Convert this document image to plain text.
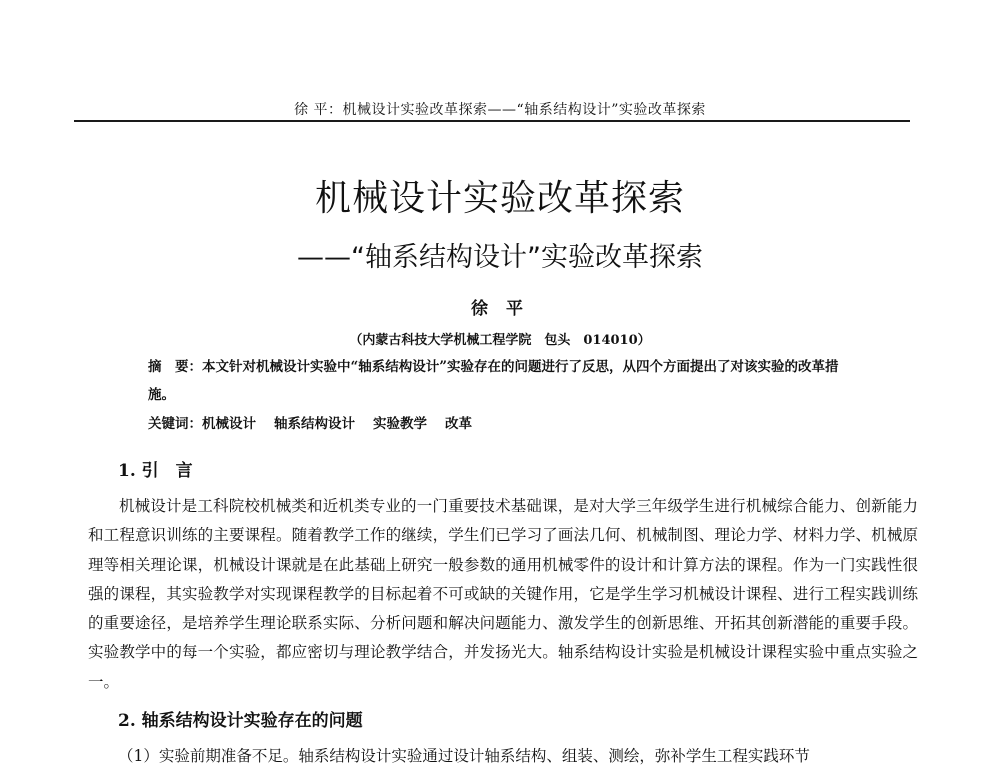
徐 平：机械设计实验改革探索——“轴系结构设计”实验改革探索
机械设计实验改革探索
——“轴系结构设计”实验改革探索
徐 平
（内蒙古科技大学机械工程学院　包头　014010）
摘　要：本文针对机械设计实验中“轴系结构设计”实验存在的问题进行了反思，从四个方面提出了对该实验的改革措施。
关键词：机械设计 轴系结构设计 实验教学 改革
1. 引　言
机械设计是工科院校机械类和近机类专业的一门重要技术基础课，是对大学三年级学生进行机械综合能力、创新能力和工程意识训练的主要课程。随着教学工作的继续，学生们已学习了画法几何、机械制图、理论力学、材料力学、机械原理等相关理论课，机械设计课就是在此基础上研究一般参数的通用机械零件的设计和计算方法的课程。作为一门实践性很强的课程，其实验教学对实现课程教学的目标起着不可或缺的关键作用，它是学生学习机械设计课程、进行工程实践训练的重要途径，是培养学生理论联系实际、分析问题和解决问题能力、激发学生的创新思维、开拓其创新潜能的重要手段。实验教学中的每一个实验，都应密切与理论教学结合，并发扬光大。轴系结构设计实验是机械设计课程实验中重点实验之一。
2. 轴系结构设计实验存在的问题
（1）实验前期准备不足。轴系结构设计实验通过设计轴系结构、组装、测绘，弥补学生工程实践环节
